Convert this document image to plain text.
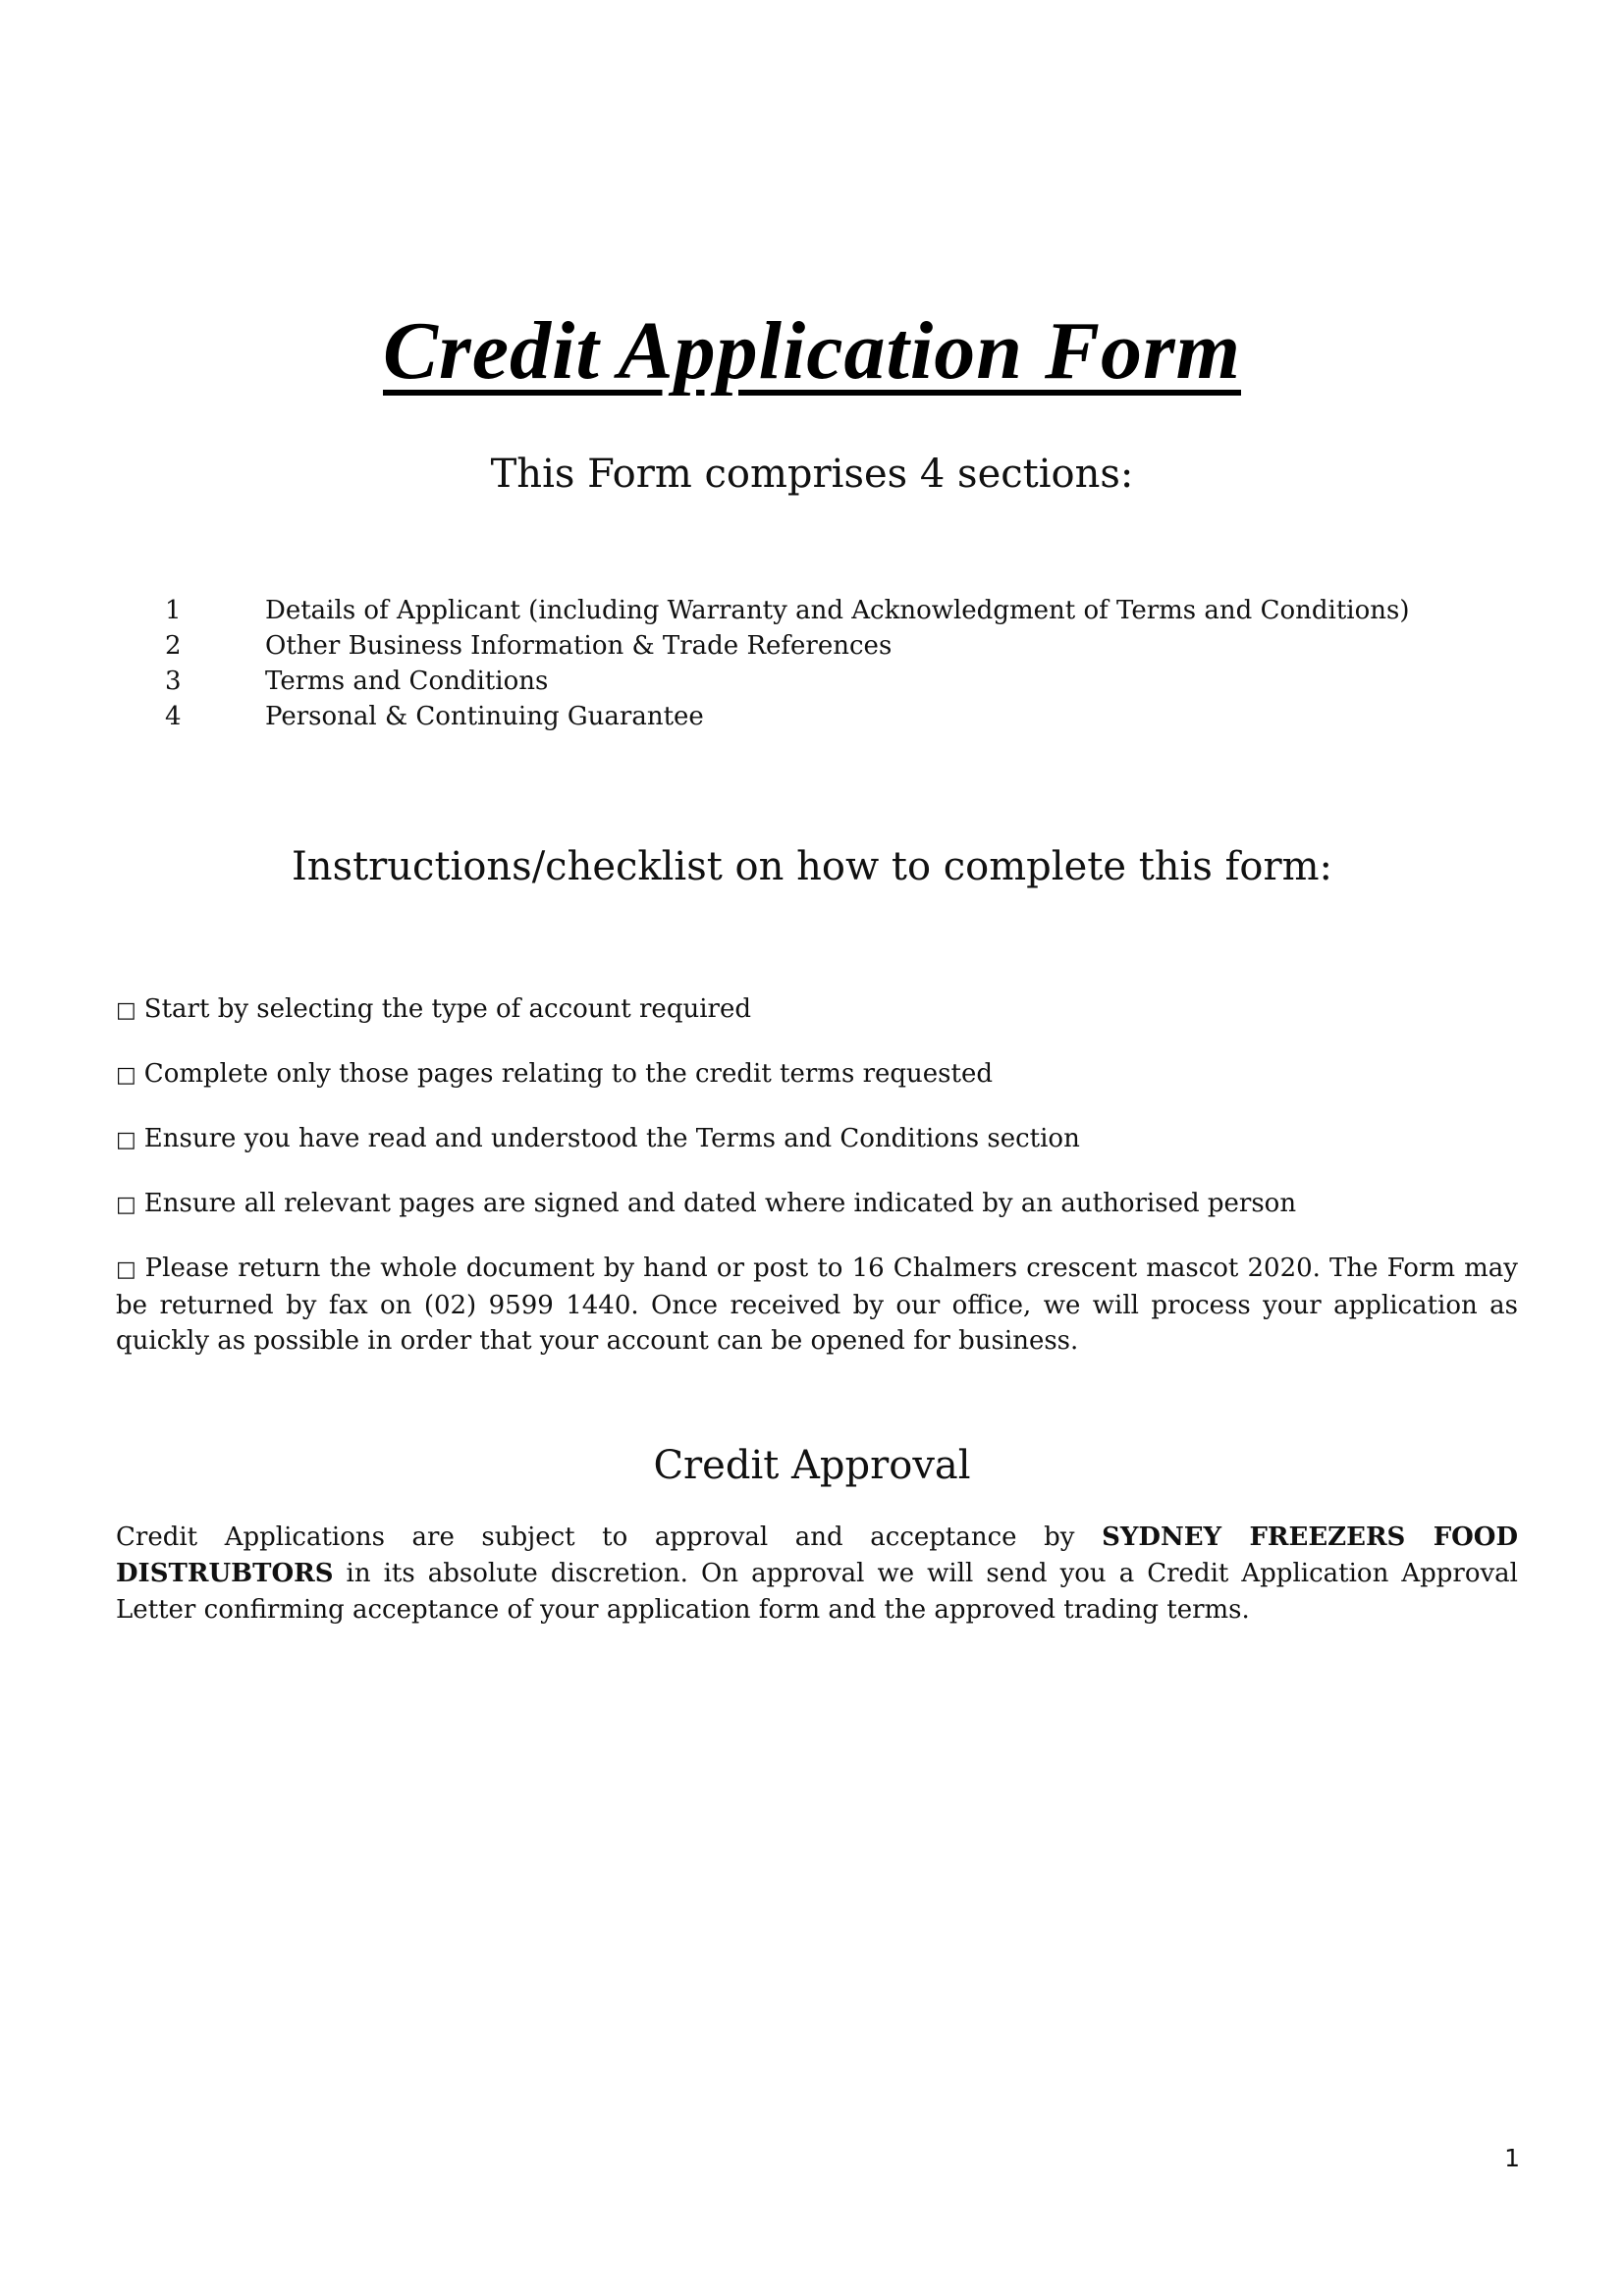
Credit Application Form
This Form comprises 4 sections:
1	Details of Applicant (including Warranty and Acknowledgment of Terms and Conditions)
2	Other Business Information & Trade References
3	Terms and Conditions
4	Personal & Continuing Guarantee
Instructions/checklist on how to complete this form:

□ Start by selecting the type of account required

□ Complete only those pages relating to the credit terms requested

□ Ensure you have read and understood the Terms and Conditions section

□ Ensure all relevant pages are signed and dated where indicated by an authorised person

□ Please return the whole document by hand or post to 16 Chalmers crescent mascot 2020. The Form may be returned by fax on (02) 9599 1440. Once received by our office, we will process your application as quickly as possible in order that your account can be opened for business.

Credit Approval

Credit Applications are subject to approval and acceptance by SYDNEY FREEZERS FOOD DISTRUBTORS in its absolute discretion. On approval we will send you a Credit Application Approval Letter confirming acceptance of your application form and the approved trading terms.

1
